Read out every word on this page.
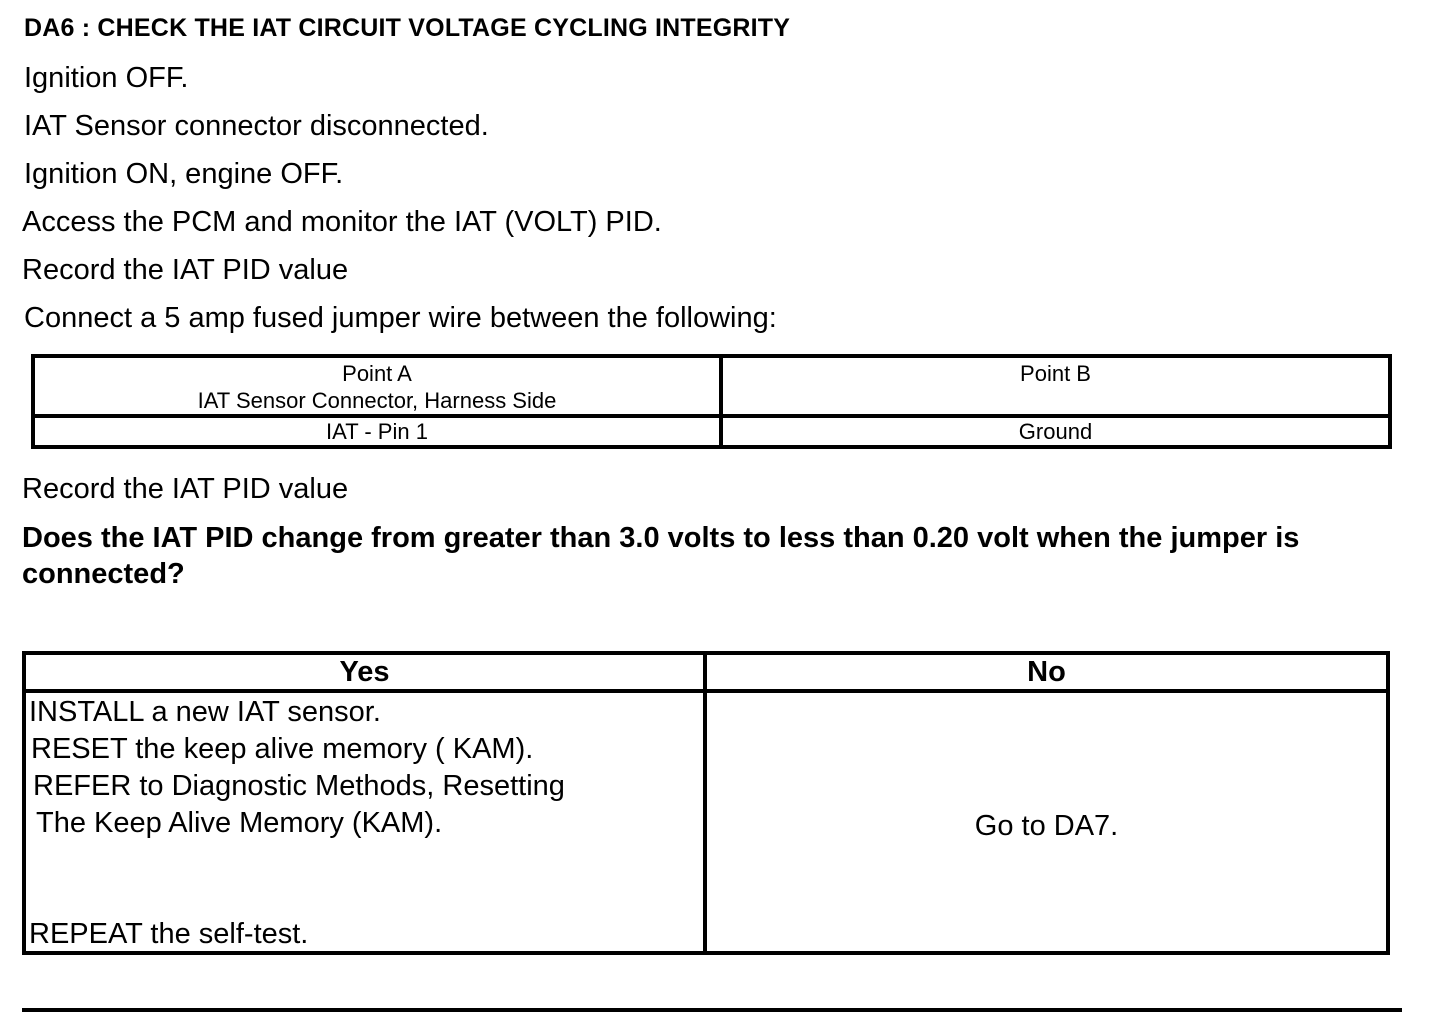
DA6 : CHECK THE IAT CIRCUIT VOLTAGE CYCLING INTEGRITY
Ignition OFF.
IAT Sensor connector disconnected.
Ignition ON, engine OFF.
Access the PCM and monitor the IAT (VOLT) PID.
Record the IAT PID value
Connect a 5 amp fused jumper wire between the following:
Point A
IAT Sensor Connector, Harness Side	Point B

IAT - Pin 1	Ground
Record the IAT PID value
Does the IAT PID change from greater than 3.0 volts to less than 0.20 volt when the jumper is connected?
Yes	No

INSTALL a new IAT sensor.
RESET the keep alive memory ( KAM).
REFER to Diagnostic Methods, Resetting
The Keep Alive Memory (KAM).
REPEAT the self-test.	Go to DA7.
